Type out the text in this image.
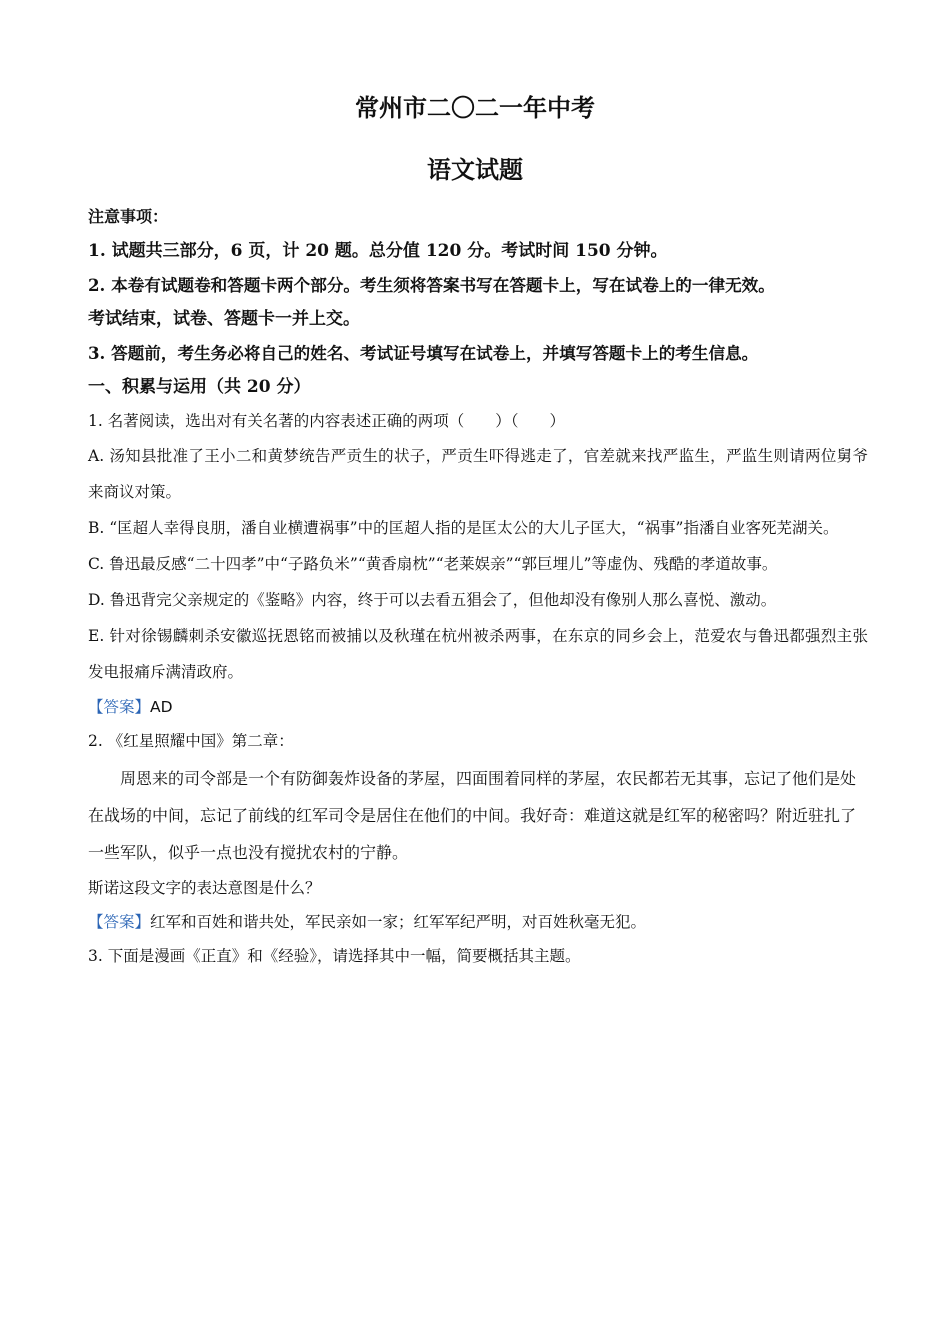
常州市二〇二一年中考
语文试题
注意事项：
1. 试题共三部分，6 页，计 20 题。总分值 120 分。考试时间 150 分钟。
2. 本卷有试题卷和答题卡两个部分。考生须将答案书写在答题卡上，写在试卷上的一律无效。
考试结束，试卷、答题卡一并上交。
3. 答题前，考生务必将自己的姓名、考试证号填写在试卷上，并填写答题卡上的考生信息。
一、积累与运用（共 20 分）
1. 名著阅读，选出对有关名著的内容表述正确的两项（　　）（　　）
A. 汤知县批准了王小二和黄梦统告严贡生的状子，严贡生吓得逃走了，官差就来找严监生，严监生则请两位舅爷来商议对策。
B. “匡超人幸得良朋，潘自业横遭祸事”中的匡超人指的是匡太公的大儿子匡大，“祸事”指潘自业客死芜湖关。
C. 鲁迅最反感“二十四孝”中“子路负米”“黄香扇枕”“老莱娱亲”“郭巨埋儿”等虚伪、残酷的孝道故事。
D. 鲁迅背完父亲规定的《鉴略》内容，终于可以去看五猖会了，但他却没有像别人那么喜悦、激动。
E. 针对徐锡麟刺杀安徽巡抚恩铭而被捕以及秋瑾在杭州被杀两事，在东京的同乡会上，范爱农与鲁迅都强烈主张发电报痛斥满清政府。
【答案】AD
2. 《红星照耀中国》第二章：

周恩来的司令部是一个有防御轰炸设备的茅屋，四面围着同样的茅屋，农民都若无其事，忘记了他们是处在战场的中间，忘记了前线的红军司令是居住在他们的中间。我好奇：难道这就是红军的秘密吗？附近驻扎了一些军队，似乎一点也没有搅扰农村的宁静。

斯诺这段文字的表达意图是什么？
【答案】红军和百姓和谐共处，军民亲如一家；红军军纪严明，对百姓秋毫无犯。
3. 下面是漫画《正直》和《经验》，请选择其中一幅，简要概括其主题。
